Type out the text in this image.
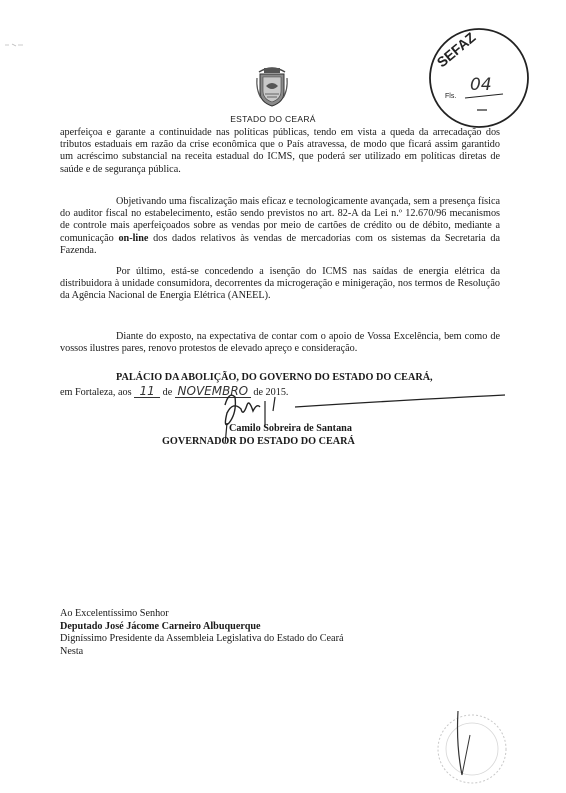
ESTADO DO CEARÁ
SEFAZ
Fls.
04
aperfeiçoa e garante a continuidade nas políticas públicas, tendo em vista a queda da arrecadação dos tributos estaduais em razão da crise econômica que o País atravessa, de modo que ficará assim garantido um acréscimo substancial na receita estadual do ICMS, que poderá ser utilizado em políticas diretas de saúde e de segurança pública.
Objetivando uma fiscalização mais eficaz e tecnologicamente avançada, sem a presença física do auditor fiscal no estabelecimento, estão sendo previstos no art. 82-A da Lei n.º 12.670/96 mecanismos de controle mais aperfeiçoados sobre as vendas por meio de cartões de crédito ou de débito, mediante a comunicação on-line dos dados relativos às vendas de mercadorias com os sistemas da Secretaria da Fazenda.
Por último, está-se concedendo a isenção do ICMS nas saídas de energia elétrica da distribuidora à unidade consumidora, decorrentes da microgeração e minigeração, nos termos de Resolução da Agência Nacional de Energia Elétrica (ANEEL).
Diante do exposto, na expectativa de contar com o apoio de Vossa Excelência, bem como de vossos ilustres pares, renovo protestos de elevado apreço e consideração.
PALÁCIO DA ABOLIÇÃO, DO GOVERNO DO ESTADO DO CEARÁ,
em Fortaleza, aos 11 de NOVEMBRO de 2015.
Camilo Sobreira de Santana
GOVERNADOR DO ESTADO DO CEARÁ
Ao Excelentíssimo Senhor
Deputado José Jácome Carneiro Albuquerque
Digníssimo Presidente da Assembleia Legislativa do Estado do Ceará
Nesta
